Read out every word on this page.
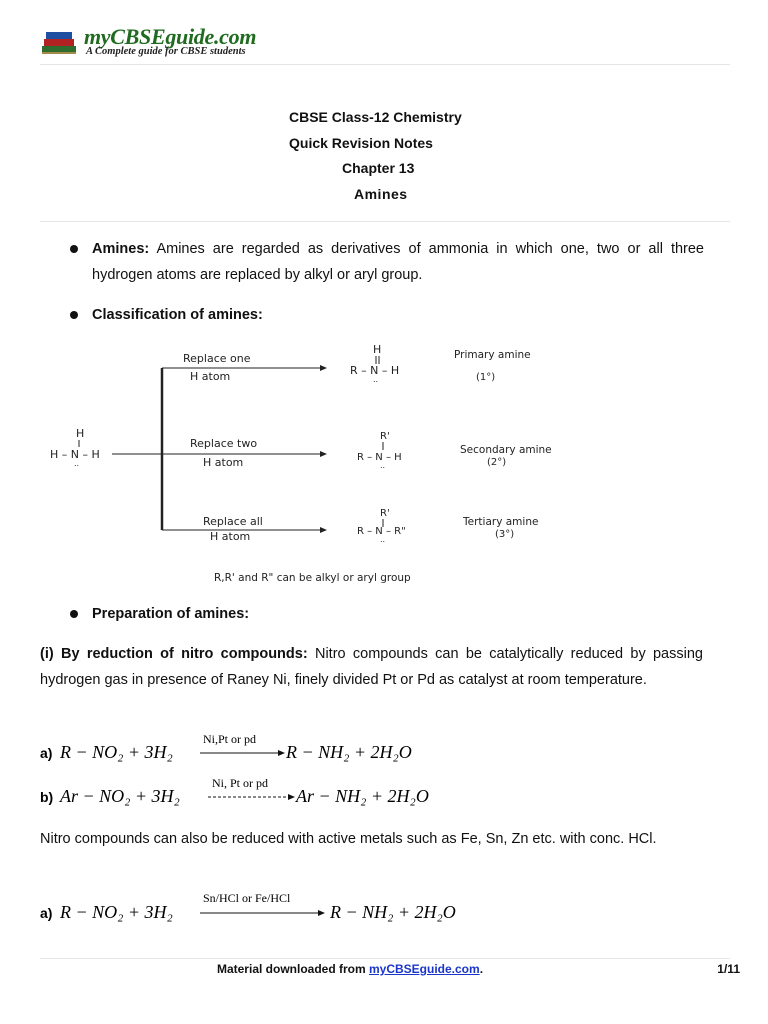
myCBSEguide.com
A Complete guide for CBSE students
CBSE Class-12 Chemistry
Quick Revision Notes
Chapter 13
Amines
Amines: Amines are regarded as derivatives of ammonia in which one, two or all three hydrogen atoms are replaced by alkyl or aryl group.
Classification of amines:
H
H – N – H
..
Replace one
H atom
H
R – N – H
..
Primary amine
(1°)
Replace two
H atom
R'
R – N – H
..
Secondary amine
(2°)
Replace all
H atom
R'
R – N – R"
..
Tertiary amine
(3°)
R,R' and R" can be alkyl or aryl group
Preparation of amines:
(i) By reduction of nitro compounds: Nitro compounds can be catalytically reduced by passing hydrogen gas in presence of Raney Ni, finely divided Pt or Pd as catalyst at room temperature.
a) R − NO₂ + 3H₂
Ni,Pt or pd
R − NH₂ + 2H₂O
b) Ar − NO₂ + 3H₂
Ni, Pt or pd
Ar − NH₂ + 2H₂O
Nitro compounds can also be reduced with active metals such as Fe, Sn, Zn etc. with conc. HCl.
a) R − NO₂ + 3H₂
Sn/HCl or Fe/HCl
R − NH₂ + 2H₂O
Material downloaded from myCBSEguide.com.	1/11
